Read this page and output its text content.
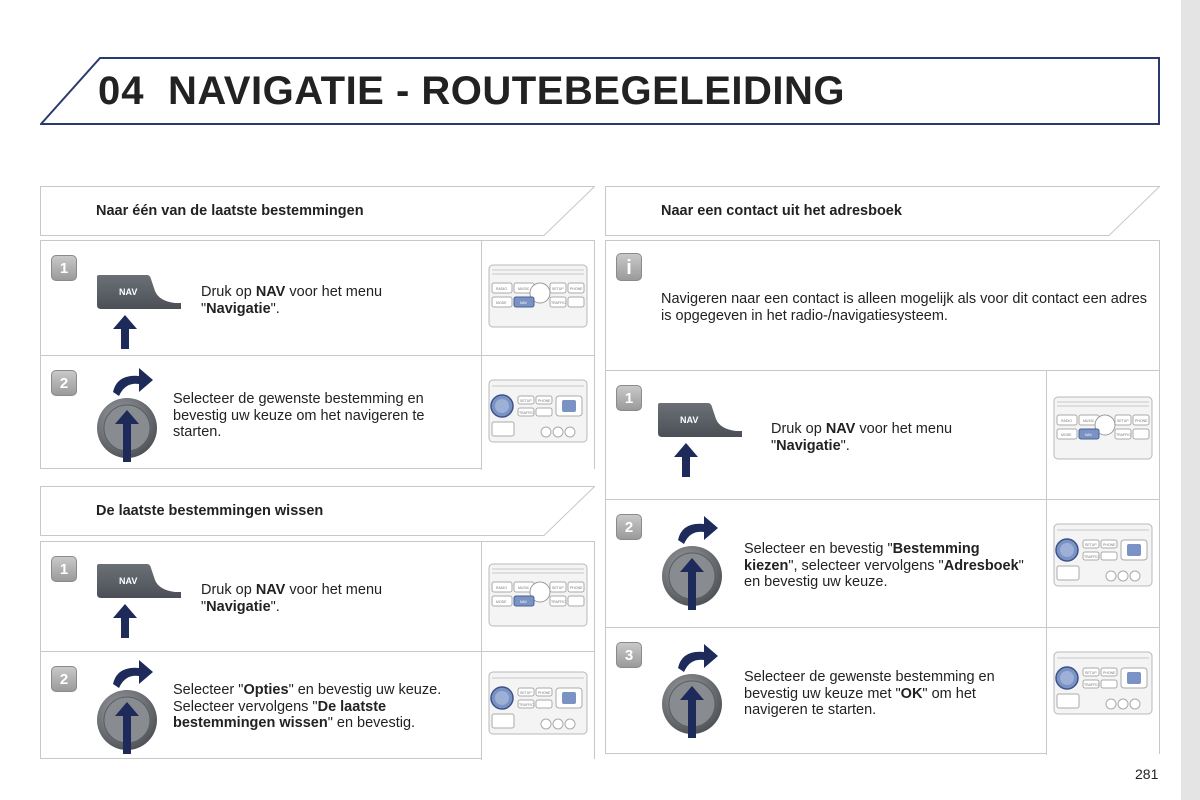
04 NAVIGATIE - ROUTEBEGELEIDING
Naar één van de laatste bestemmingen
1
Druk op NAV voor het menu "Navigatie".
2
Selecteer de gewenste bestemming en bevestig uw keuze om het navigeren te starten.
De laatste bestemmingen wissen
1
Druk op NAV voor het menu "Navigatie".
2
Selecteer "Opties" en bevestig uw keuze. Selecteer vervolgens "De laatste bestemmingen wissen" en bevestig.
Naar een contact uit het adresboek
i
Navigeren naar een contact is alleen mogelijk als voor dit contact een adres is opgegeven in het radio-/navigatiesysteem.
1
Druk op NAV voor het menu "Navigatie".
2
Selecteer en bevestig "Bestemming kiezen", selecteer vervolgens "Adresboek" en bevestig uw keuze.
3
Selecteer de gewenste bestemming en bevestig uw keuze met "OK" om het navigeren te starten.
281
